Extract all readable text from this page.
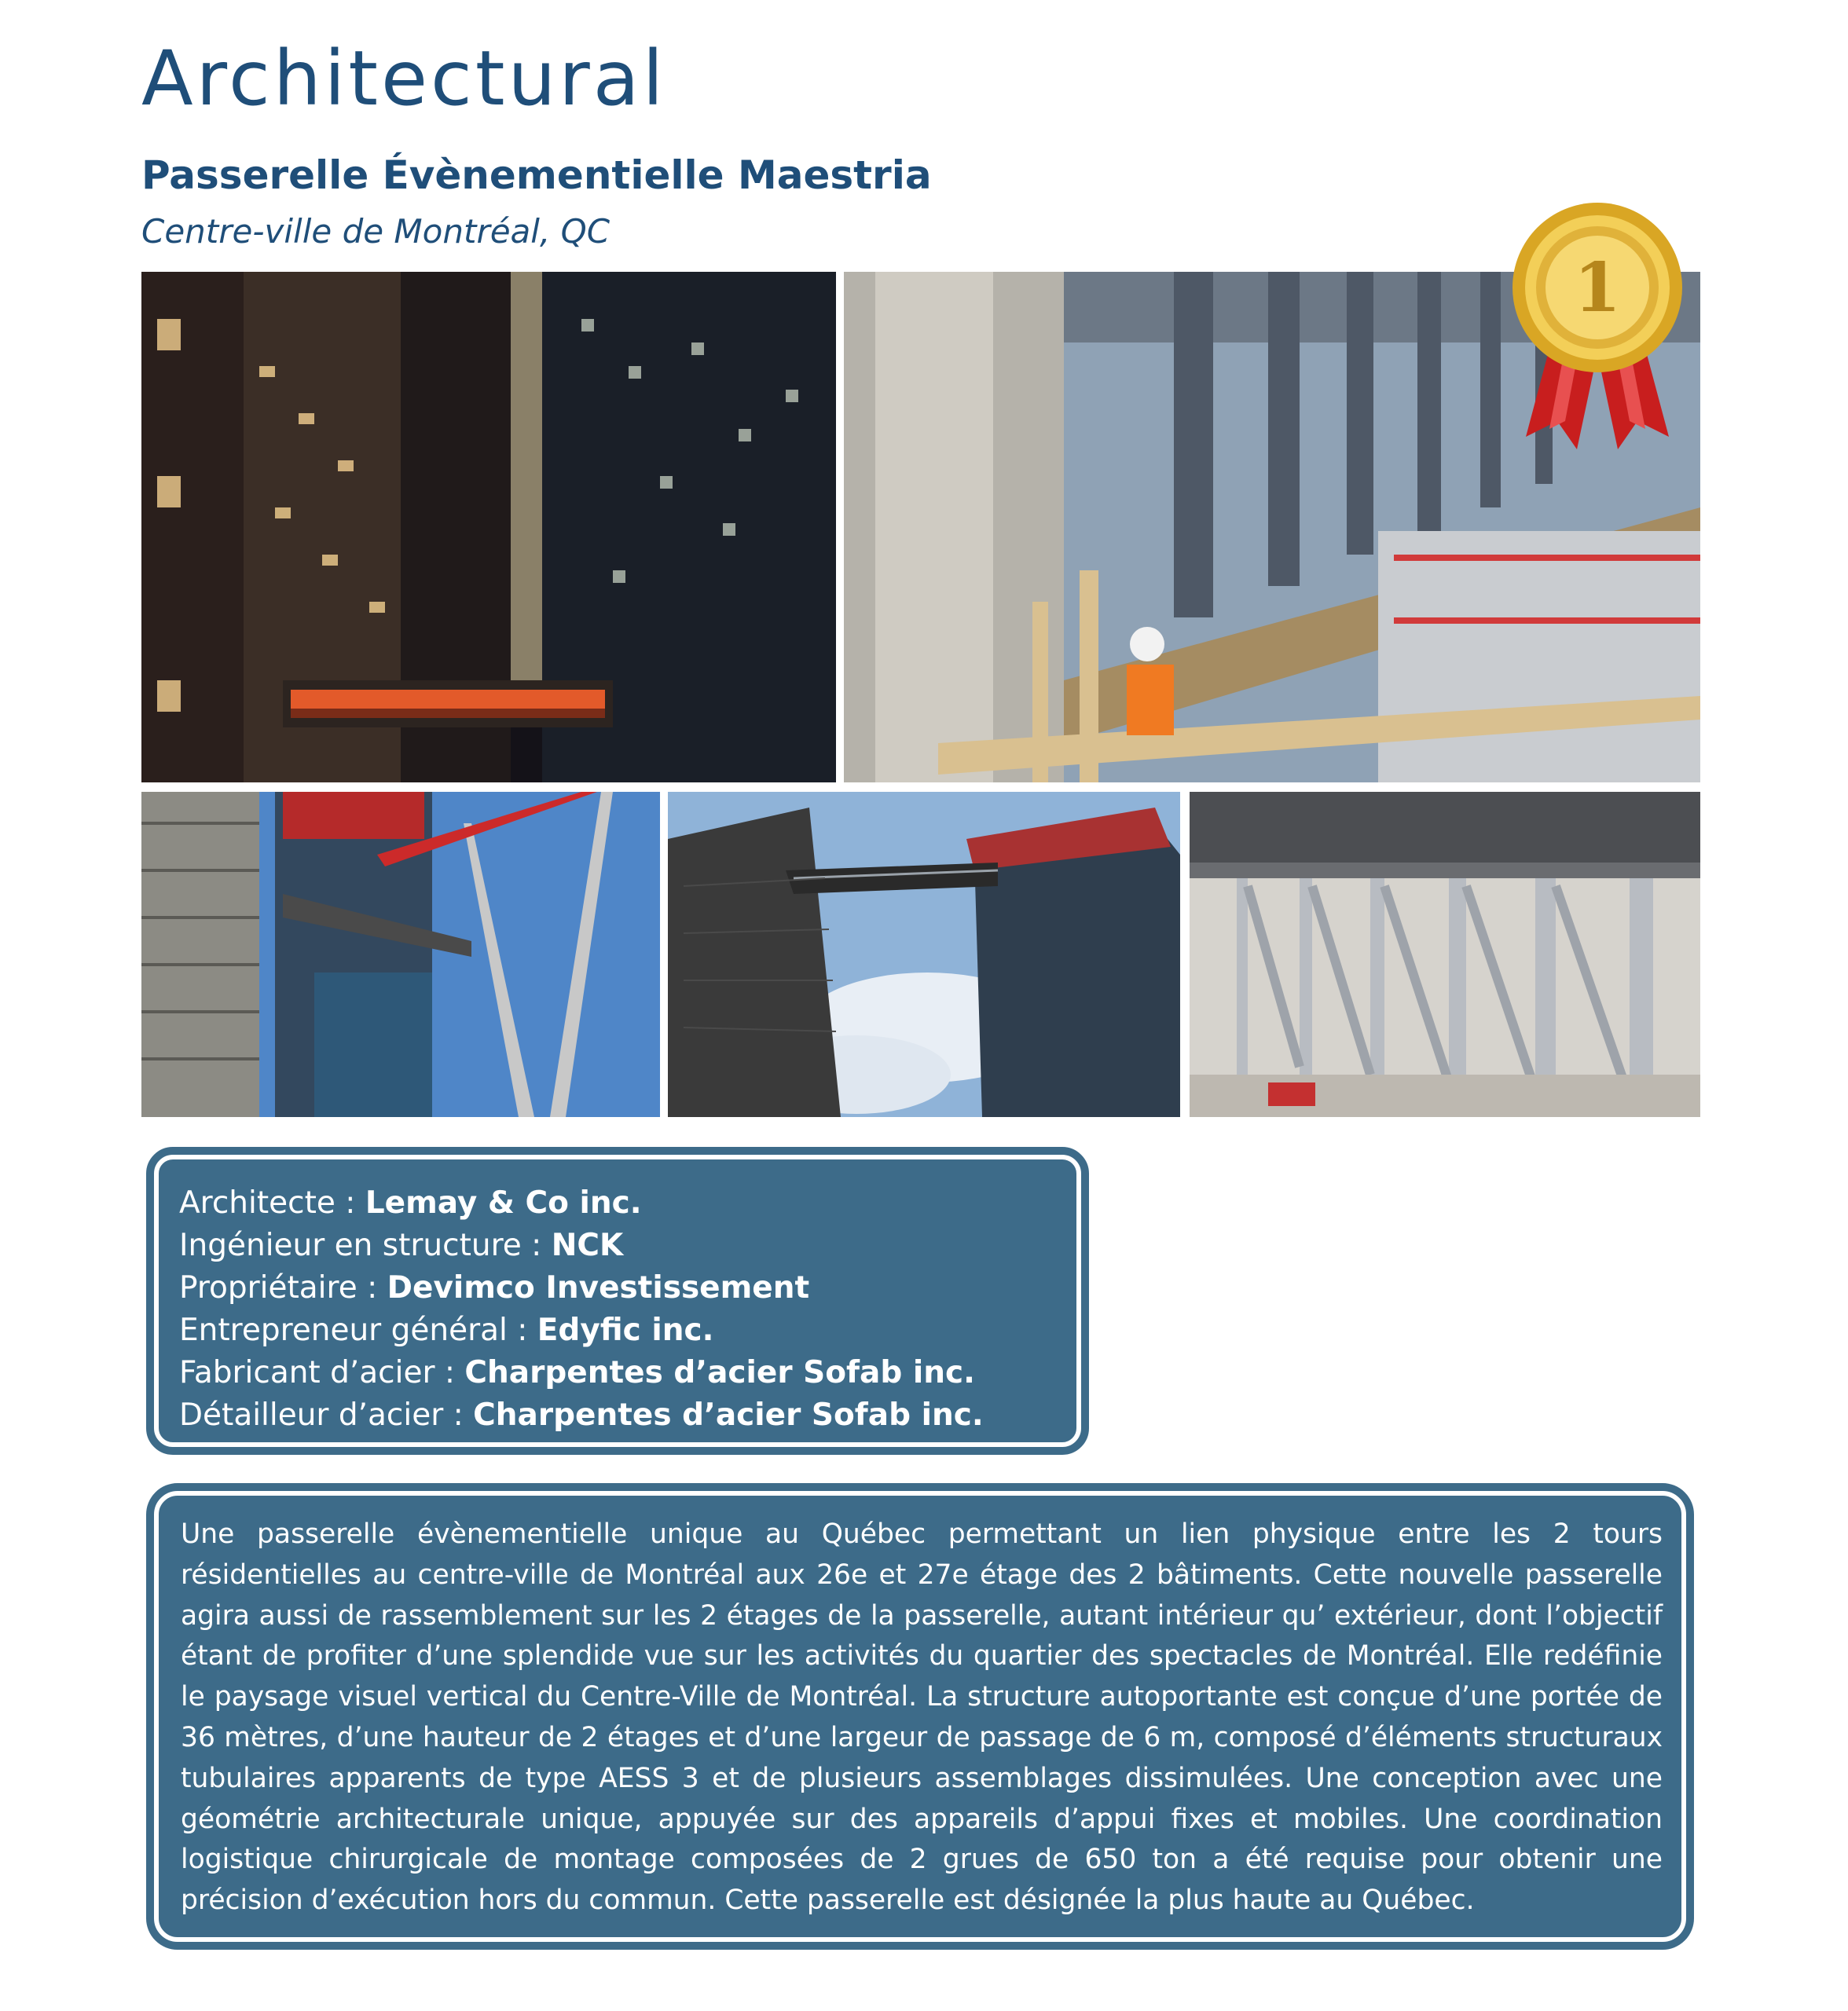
Architectural
Passerelle Évènementielle Maestria

Centre-ville de Montréal, QC

1
Architecte : Lemay & Co inc.
Ingénieur en structure : NCK
Propriétaire : Devimco Investissement
Entrepreneur général : Edyfic inc.
Fabricant d’acier : Charpentes d’acier Sofab inc.
Détailleur d’acier : Charpentes d’acier Sofab inc.

Une passerelle évènementielle unique au Québec permettant un lien physique entre les 2 tours résidentielles au centre-ville de Montréal aux 26e et 27e étage des 2 bâtiments. Cette nouvelle passerelle agira aussi de rassemblement sur les 2 étages de la passerelle, autant intérieur qu’ extérieur, dont l’objectif étant de profiter d’une splendide vue sur les activités du quartier des spectacles de Montréal. Elle redéfinie le paysage visuel vertical du Centre-Ville de Montréal. La structure autoportante est conçue d’une portée de 36 mètres, d’une hauteur de 2 étages et d’une largeur de passage de 6 m, composé d’éléments structuraux tubulaires apparents de type AESS 3 et de plusieurs assemblages dissimulées. Une conception avec une géométrie architecturale unique, appuyée sur des appareils d’appui fixes et mobiles. Une coordination logistique chirurgicale de montage composées de 2 grues de 650 ton a été requise pour obtenir une précision d’exécution hors du commun. Cette passerelle est désignée la plus haute au Québec.
